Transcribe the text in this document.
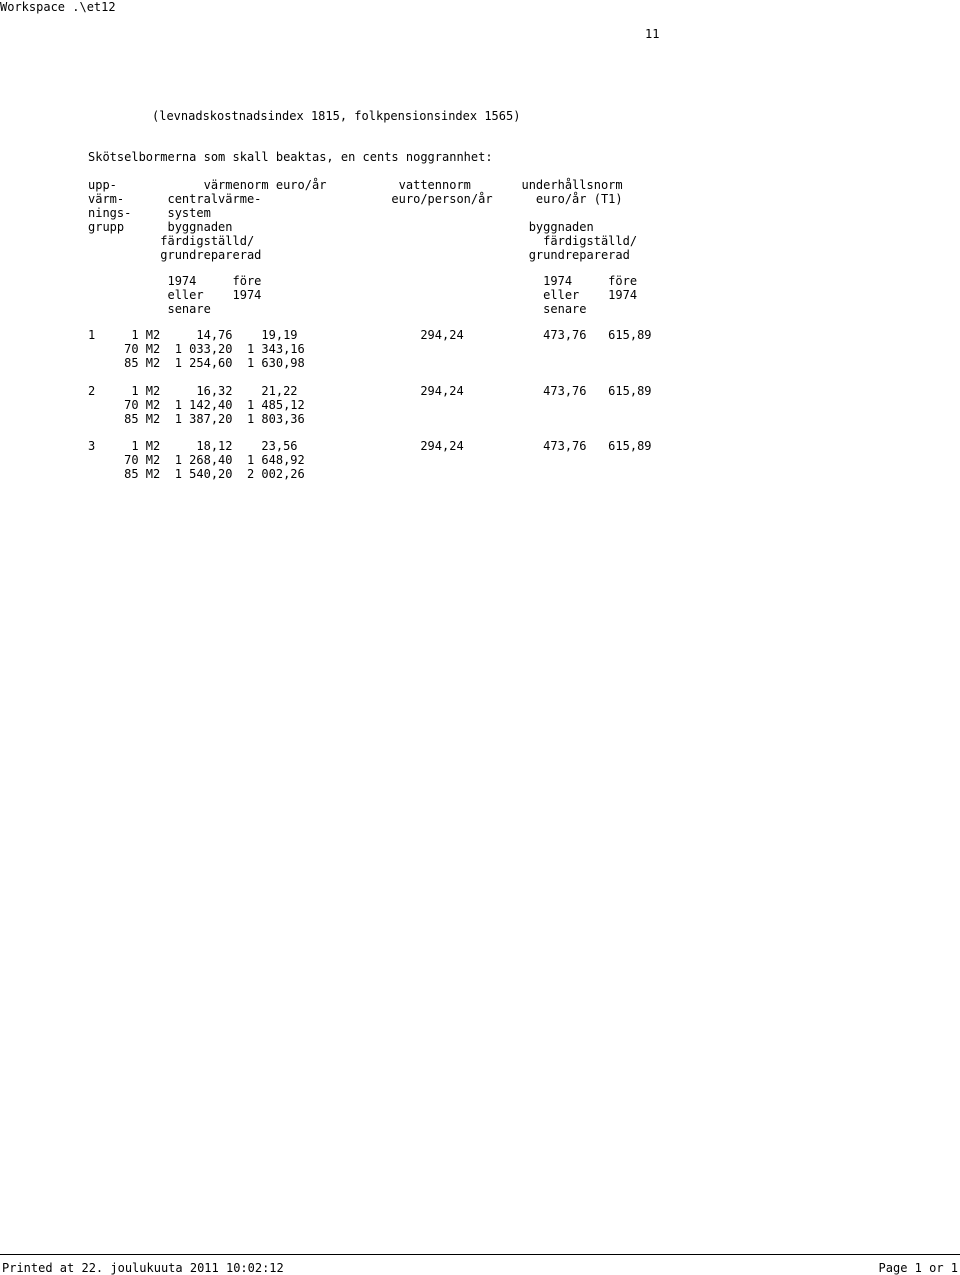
Workspace .\et12
11
(levnadskostnadsindex 1815, folkpensionsindex 1565)
Skötselbormerna som skall beaktas, en cents noggrannhet:
upp-            värmenorm euro/år          vattennorm       underhållsnorm
värm-      centralvärme-                  euro/person/år      euro/år (T1)
nings-     system
grupp      byggnaden                                         byggnaden
färdigställd/                                        färdigställd/
grundreparerad                                     grundreparerad
1974     före                                       1974     före
eller    1974                                       eller    1974
senare                                              senare
1     1 M2     14,76    19,19                 294,24           473,76   615,89
70 M2  1 033,20  1 343,16
85 M2  1 254,60  1 630,98
2     1 M2     16,32    21,22                 294,24           473,76   615,89
70 M2  1 142,40  1 485,12
85 M2  1 387,20  1 803,36
3     1 M2     18,12    23,56                 294,24           473,76   615,89
70 M2  1 268,40  1 648,92
85 M2  1 540,20  2 002,26
Printed at 22. joulukuuta 2011 10:02:12	Page 1 or 1
